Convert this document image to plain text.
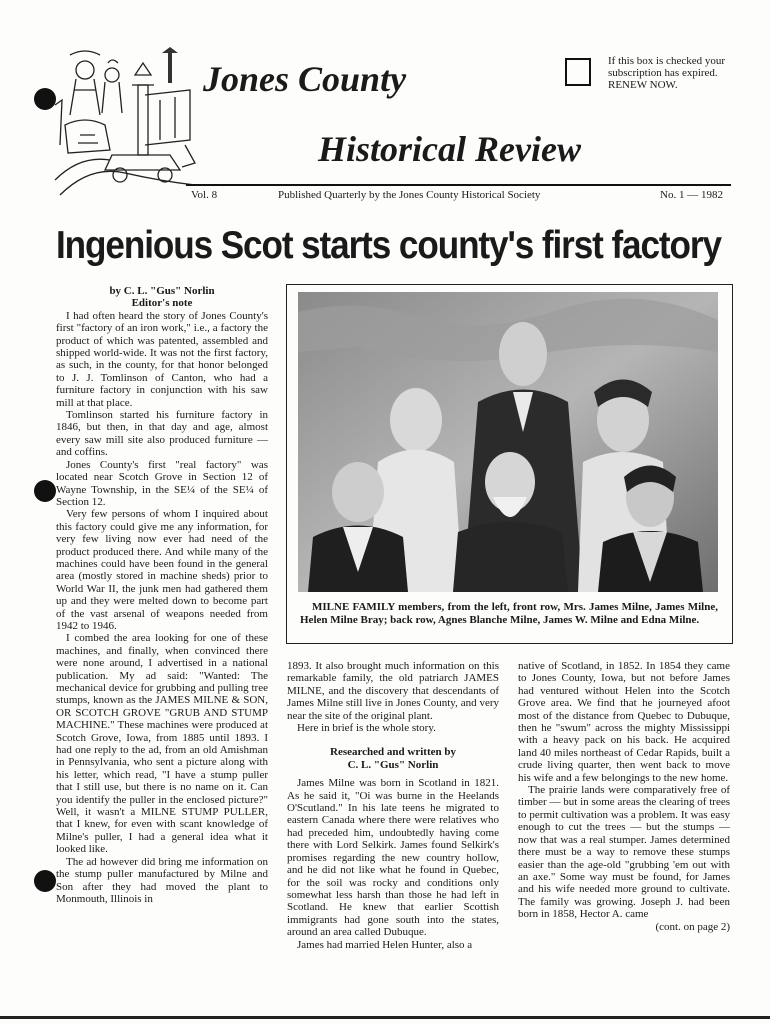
Jones County
Historical Review
If this box is checked your subscription has expired. RENEW NOW.
Vol. 8	Published Quarterly by the Jones County Historical Society	No. 1 — 1982
Ingenious Scot starts county's first factory

by C. L. "Gus" Norlin

Editor's note

I had often heard the story of Jones County's first "factory of an iron work," i.e., a factory the product of which was patented, assembled and shipped world-wide. It was not the first factory, as such, in the county, for that honor belonged to J. J. Tomlinson of Canton, who had a furniture factory in conjunction with his saw mill at that place.

Tomlinson started his furniture factory in 1846, but then, in that day and age, almost every saw mill site also produced furniture — and coffins.

Jones County's first "real factory" was located near Scotch Grove in Section 12 of Wayne Township, in the SE¼ of the SE¼ of Section 12.

Very few persons of whom I inquired about this factory could give me any information, for very few living now ever had need of the product produced there. And while many of the machines could have been found in the general area (mostly stored in machine sheds) prior to World War II, the junk men had gathered them up and they were melted down to become part of the vast arsenal of weapons needed from 1942 to 1946.

I combed the area looking for one of these machines, and finally, when convinced there were none around, I advertised in a national publication. My ad said: "Wanted: The mechanical device for grubbing and pulling tree stumps, known as the JAMES MILNE & SON, OR SCOTCH GROVE "GRUB AND STUMP MACHINE." These machines were produced at Scotch Grove, Iowa, from 1885 until 1893. I had one reply to the ad, from an old Amishman in Pennsylvania, who sent a picture along with his letter, which read, "I have a stump puller that I still use, but there is no name on it. Can you identify the puller in the enclosed picture?" Well, it wasn't a MILNE STUMP PULLER, that I knew, for even with scant knowledge of Milne's puller, I had a general idea what it looked like.

The ad however did bring me information on the stump puller manufactured by Milne and Son after they had moved the plant to Monmouth, Illinois in

MILNE FAMILY members, from the left, front row, Mrs. James Milne, James Milne, Helen Milne Bray; back row, Agnes Blanche Milne, James W. Milne and Edna Milne.

1893. It also brought much information on this remarkable family, the old patriarch JAMES MILNE, and the discovery that descendants of James Milne still live in Jones County, and very near the site of the original plant.

Here in brief is the whole story.

Researched and written by

C. L. "Gus" Norlin

James Milne was born in Scotland in 1821. As he said it, "Oi was burne in the Heelands O'Scutland." In his late teens he migrated to eastern Canada where there were relatives who had preceded him, undoubtedly having come there with Lord Selkirk. James found Selkirk's promises regarding the new country hollow, and he did not like what he found in Quebec, for the soil was rocky and conditions only somewhat less harsh than those he had left in Scotland. He knew that earlier Scottish immigrants had gone south into the states, around an area called Dubuque.

James had married Helen Hunter, also a

native of Scotland, in 1852. In 1854 they came to Jones County, Iowa, but not before James had ventured without Helen into the Scotch Grove area. We find that he journeyed afoot most of the distance from Quebec to Dubuque, then he "swum" across the mighty Mississippi with a heavy pack on his back. He acquired land 40 miles northeast of Cedar Rapids, built a crude living quarter, then went back to move his wife and a few belongings to the new home.

The prairie lands were comparatively free of timber — but in some areas the clearing of trees to permit cultivation was a problem. It was easy enough to cut the trees — but the stumps — now that was a real stumper. James determined there must be a way to remove these stumps easier than the age-old "grubbing 'em out with an axe." Some way must be found, for James and his wife needed more ground to cultivate. The family was growing. Joseph J. had been born in 1858, Hector A. came

(cont. on page 2)
